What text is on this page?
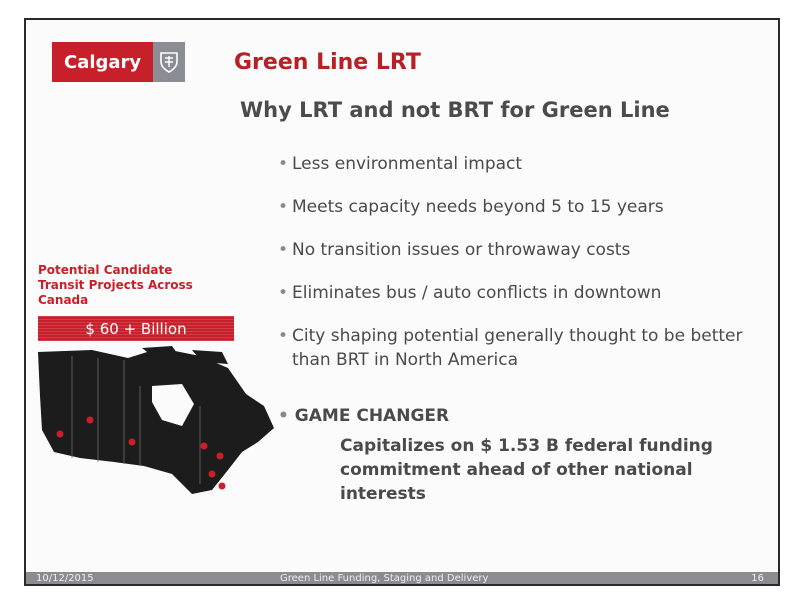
Calgary	Green Line LRT
Why LRT and not BRT for Green Line
• Less environmental impact
• Meets capacity needs beyond 5 to 15 years
• No transition issues or throwaway costs
• Eliminates bus / auto conflicts in downtown
• City shaping potential generally thought to be better than BRT in North America
• GAME CHANGER
Capitalizes on $ 1.53 B federal funding commitment ahead of other national interests
Potential Candidate Transit Projects Across Canada
$ 60 + Billion
10/12/2015	Green Line Funding, Staging and Delivery	16
